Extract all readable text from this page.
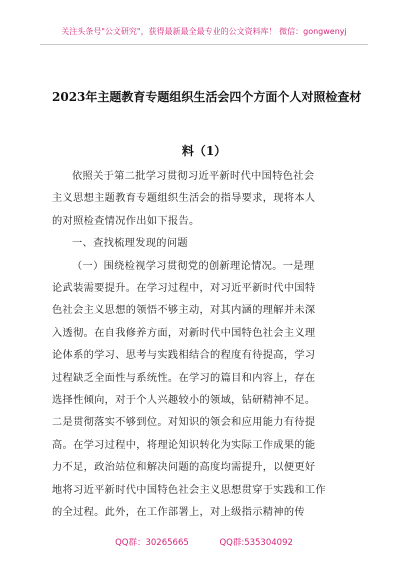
关注头条号"公文研究"，获得最新最全最专业的公文资料库！ 微信：gongwenyj
2023年主题教育专题组织生活会四个方面个人对照检查材
料（1）
依照关于第二批学习贯彻习近平新时代中国特色社会
主义思想主题教育专题组织生活会的指导要求，现将本人
的对照检查情况作出如下报告。
一、查找梳理发现的问题
（一）围绕检视学习贯彻党的创新理论情况。一是理
论武装需要提升。在学习过程中，对习近平新时代中国特
色社会主义思想的领悟不够主动，对其内涵的理解并未深
入透彻。在自我修养方面，对新时代中国特色社会主义理
论体系的学习、思考与实践相结合的程度有待提高，学习
过程缺乏全面性与系统性。在学习的篇目和内容上，存在
选择性倾向，对于个人兴趣较小的领域，钻研精神不足。
二是贯彻落实不够到位。对知识的领会和应用能力有待提
高。在学习过程中，将理论知识转化为实际工作成果的能
力不足，政治站位和解决问题的高度均需提升，以便更好
地将习近平新时代中国特色社会主义思想贯穿于实践和工作
的全过程。此外，在工作部署上，对上级指示精神的传
QQ群：30265665	QQ群:535304092
